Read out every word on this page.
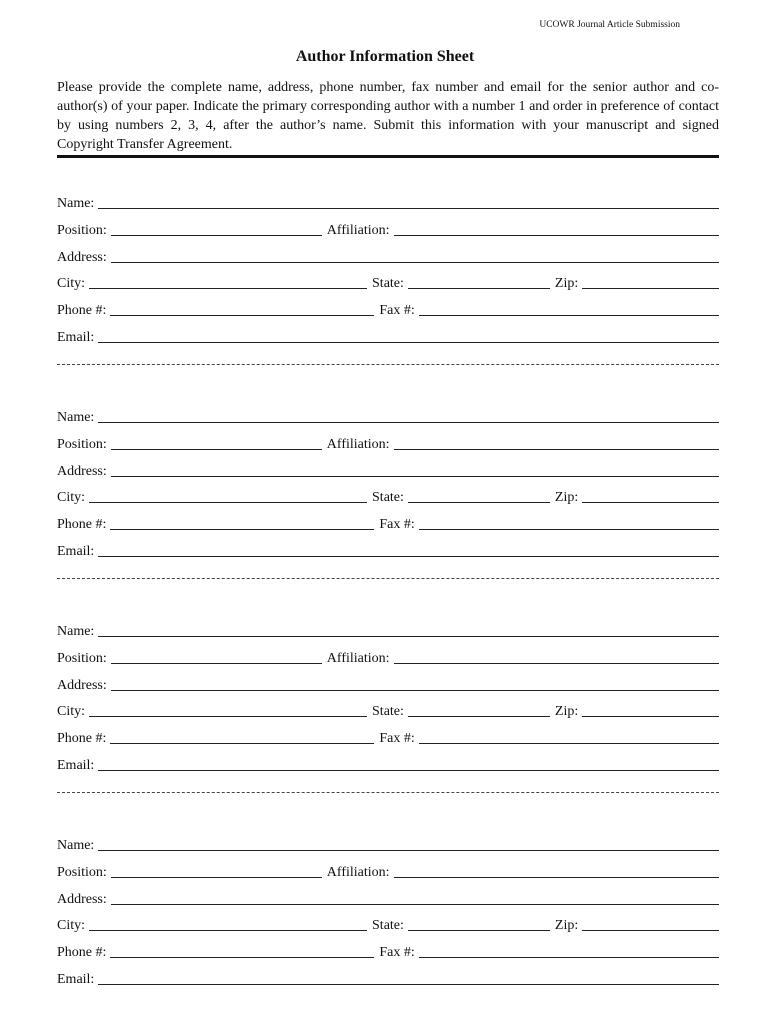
UCOWR Journal Article Submission
Author Information Sheet
Please provide the complete name, address, phone number, fax number and email for the senior author and co-author(s) of your paper. Indicate the primary corresponding author with a number 1 and order in preference of contact by using numbers 2, 3, 4, after the author’s name. Submit this information with your manuscript and signed Copyright Transfer Agreement.
Name:
Position:	Affiliation:
Address:
City:	State:	Zip:
Phone #:	Fax #:
Email:
Name:
Position:	Affiliation:
Address:
City:	State:	Zip:
Phone #:	Fax #:
Email:
Name:
Position:	Affiliation:
Address:
City:	State:	Zip:
Phone #:	Fax #:
Email:
Name:
Position:	Affiliation:
Address:
City:	State:	Zip:
Phone #:	Fax #:
Email:
